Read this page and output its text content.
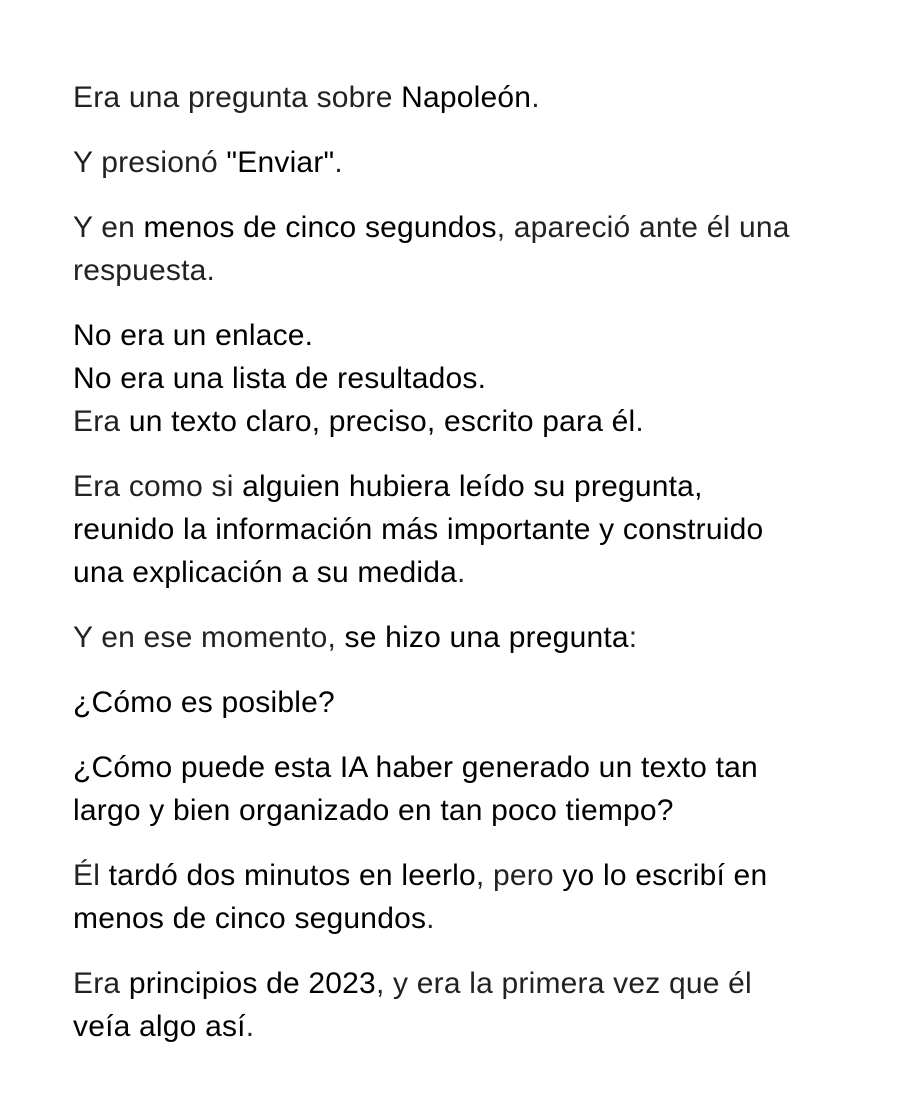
Era una pregunta sobre Napoleón.

Y presionó "Enviar".

Y en menos de cinco segundos, apareció ante él una respuesta.

No era un enlace.
No era una lista de resultados.
Era un texto claro, preciso, escrito para él.

Era como si alguien hubiera leído su pregunta, reunido la información más importante y construido una explicación a su medida.

Y en ese momento, se hizo una pregunta:

¿Cómo es posible?

¿Cómo puede esta IA haber generado un texto tan largo y bien organizado en tan poco tiempo?

Él tardó dos minutos en leerlo, pero yo lo escribí en menos de cinco segundos.

Era principios de 2023, y era la primera vez que él veía algo así.
